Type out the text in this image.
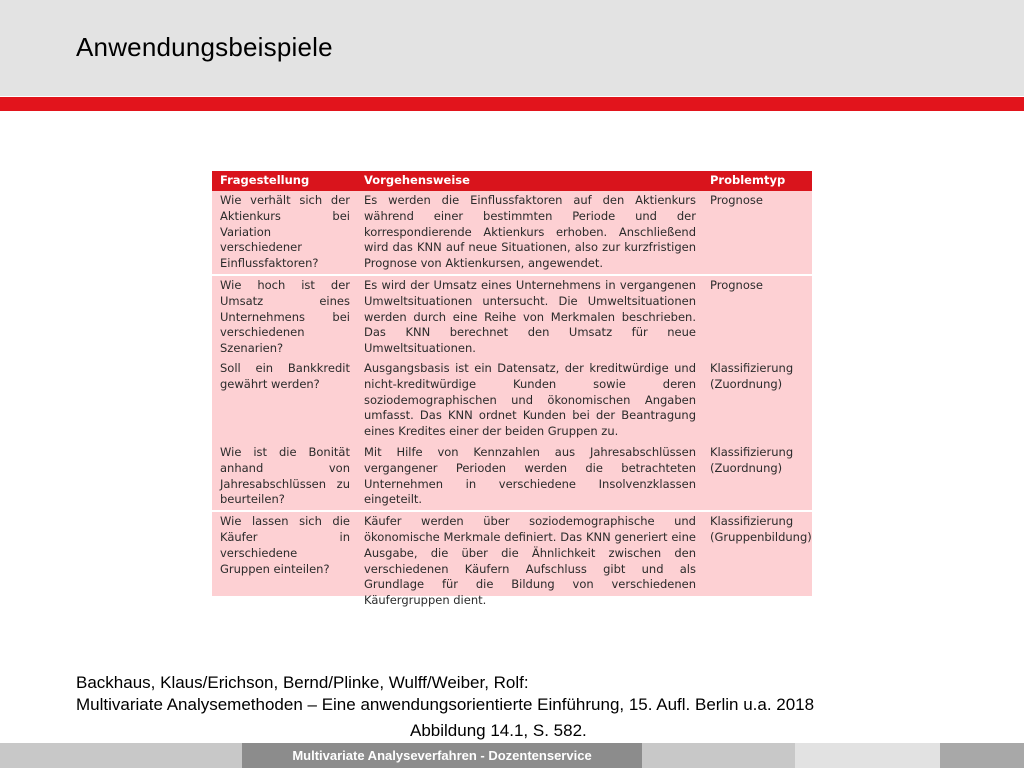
Anwendungsbeispiele
Fragestellung	Vorgehensweise	Problemtyp
Wie verhält sich der Aktienkurs bei Variation verschiedener Einflussfaktoren?	Es werden die Einflussfaktoren auf den Aktienkurs während einer bestimmten Periode und der korrespondierende Aktienkurs erhoben. Anschließend wird das KNN auf neue Situationen, also zur kurzfristigen Prognose von Aktienkursen, angewendet.	Prognose
Wie hoch ist der Umsatz eines Unternehmens bei verschiedenen Szenarien?	Es wird der Umsatz eines Unternehmens in vergangenen Umweltsituationen untersucht. Die Umweltsituationen werden durch eine Reihe von Merkmalen beschrieben. Das KNN berechnet den Umsatz für neue Umweltsituationen.	Prognose
Soll ein Bankkredit gewährt werden?	Ausgangsbasis ist ein Datensatz, der kreditwürdige und nicht-kreditwürdige Kunden sowie deren soziodemographischen und ökonomischen Angaben umfasst. Das KNN ordnet Kunden bei der Beantragung eines Kredites einer der beiden Gruppen zu.	Klassifizierung (Zuordnung)
Wie ist die Bonität anhand von Jahresabschlüssen zu beurteilen?	Mit Hilfe von Kennzahlen aus Jahresabschlüssen vergangener Perioden werden die betrachteten Unternehmen in verschiedene Insolvenzklassen eingeteilt.	Klassifizierung (Zuordnung)
Wie lassen sich die Käufer in verschiedene Gruppen einteilen?	Käufer werden über soziodemographische und ökonomische Merkmale definiert. Das KNN generiert eine Ausgabe, die über die Ähnlichkeit zwischen den verschiedenen Käufern Aufschluss gibt und als Grundlage für die Bildung von verschiedenen Käufergruppen dient.	Klassifizierung (Gruppenbildung)
Backhaus, Klaus/Erichson, Bernd/Plinke, Wulff/Weiber, Rolf:
Multivariate Analysemethoden – Eine anwendungsorientierte Einführung, 15. Aufl. Berlin u.a. 2018
Abbildung 14.1, S. 582.
Multivariate Analyseverfahren - Dozentenservice
